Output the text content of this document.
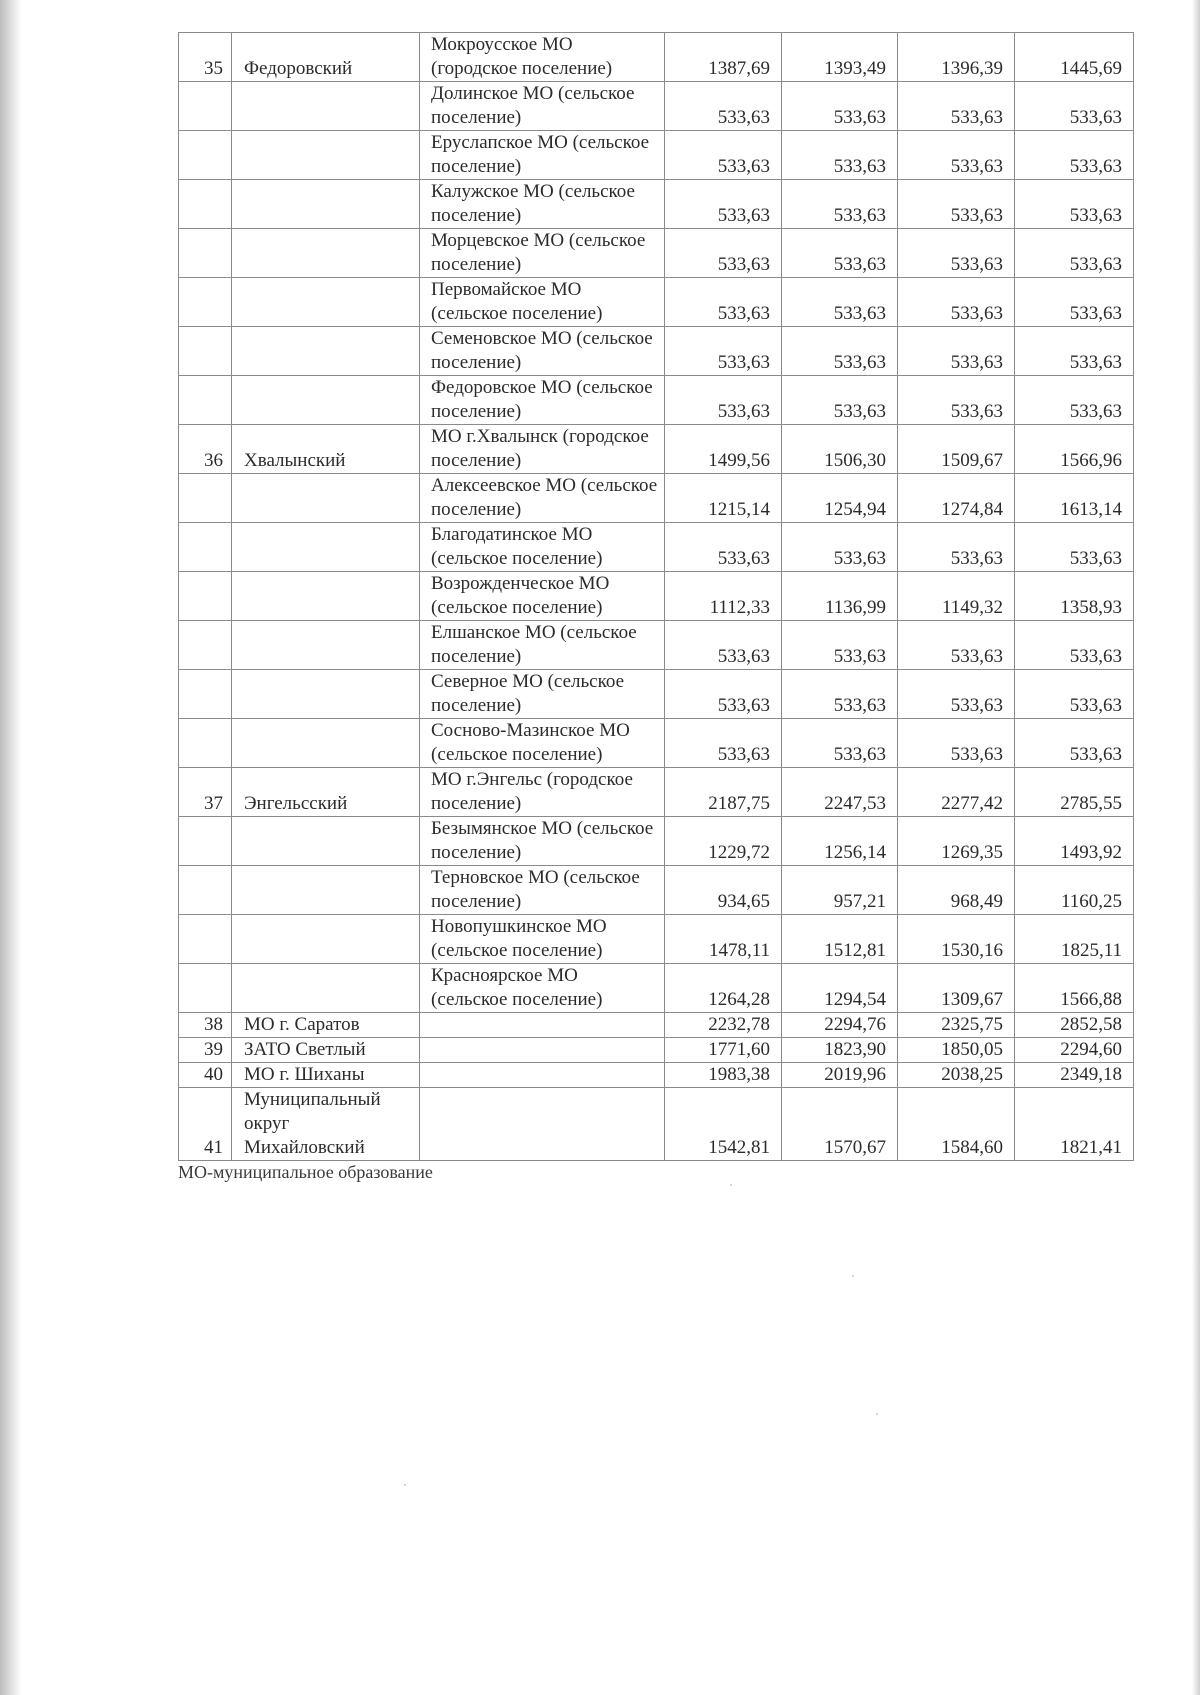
35	Федоровский	Мокроусское МО (городское поселение)	1387,69	1393,49	1396,39	1445,69
		Долинское МО (сельское поселение)	533,63	533,63	533,63	533,63
		Еруслапское МО (сельское поселение)	533,63	533,63	533,63	533,63
		Калужское МО (сельское поселение)	533,63	533,63	533,63	533,63
		Морцевское МО (сельское поселение)	533,63	533,63	533,63	533,63
		Первомайское МО (сельское поселение)	533,63	533,63	533,63	533,63
		Семеновское МО (сельское поселение)	533,63	533,63	533,63	533,63
		Федоровское МО (сельское поселение)	533,63	533,63	533,63	533,63
36	Хвалынский	МО г.Хвалынск (городское поселение)	1499,56	1506,30	1509,67	1566,96
		Алексеевское МО (сельское поселение)	1215,14	1254,94	1274,84	1613,14
		Благодатинское МО (сельское поселение)	533,63	533,63	533,63	533,63
		Возрожденческое МО (сельское поселение)	1112,33	1136,99	1149,32	1358,93
		Елшанское МО (сельское поселение)	533,63	533,63	533,63	533,63
		Северное МО (сельское поселение)	533,63	533,63	533,63	533,63
		Сосново-Мазинское МО (сельское поселение)	533,63	533,63	533,63	533,63
37	Энгельсский	МО г.Энгельс (городское поселение)	2187,75	2247,53	2277,42	2785,55
		Безымянское МО (сельское поселение)	1229,72	1256,14	1269,35	1493,92
		Терновское МО (сельское поселение)	934,65	957,21	968,49	1160,25
		Новопушкинское МО (сельское поселение)	1478,11	1512,81	1530,16	1825,11
		Красноярское МО (сельское поселение)	1264,28	1294,54	1309,67	1566,88
38	МО г. Саратов		2232,78	2294,76	2325,75	2852,58
39	ЗАТО Светлый		1771,60	1823,90	1850,05	2294,60
40	МО г. Шиханы		1983,38	2019,96	2038,25	2349,18
41	Муниципальный округ Михайловский		1542,81	1570,67	1584,60	1821,41
МО-муниципальное образование
